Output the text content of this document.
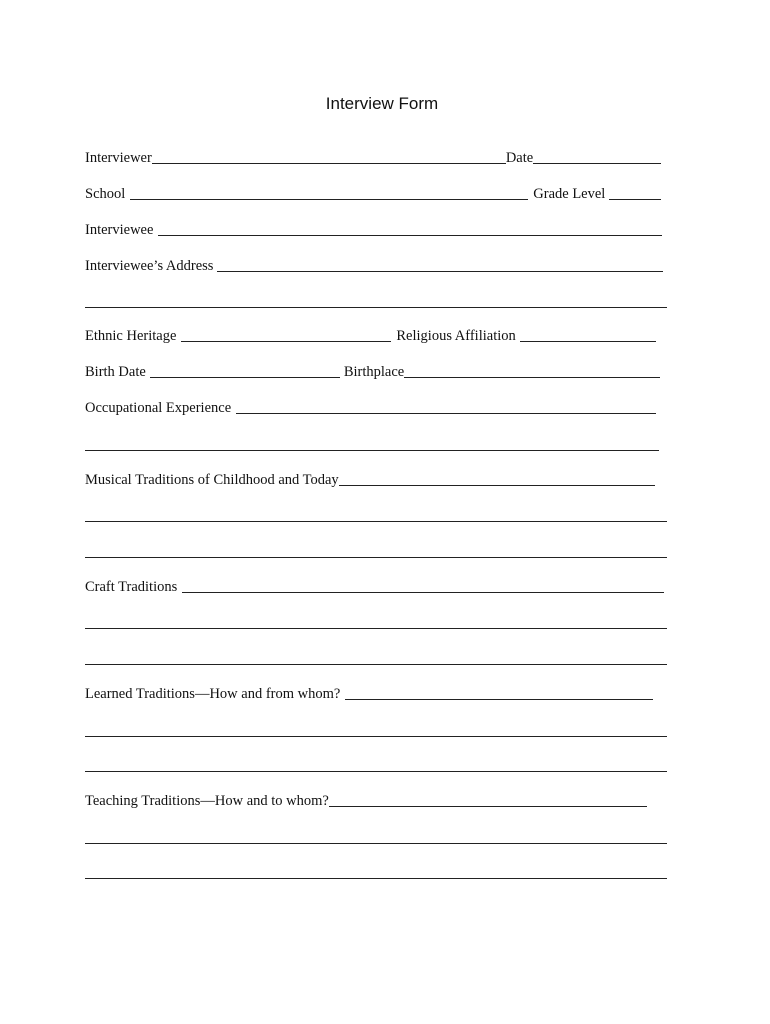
Interview Form
Interviewer	Date
School	Grade Level
Interviewee
Interviewee’s Address
Ethnic Heritage	Religious Affiliation
Birth Date	Birthplace
Occupational Experience
Musical Traditions of Childhood and Today
Craft Traditions
Learned Traditions—How and from whom?
Teaching Traditions—How and to whom?
